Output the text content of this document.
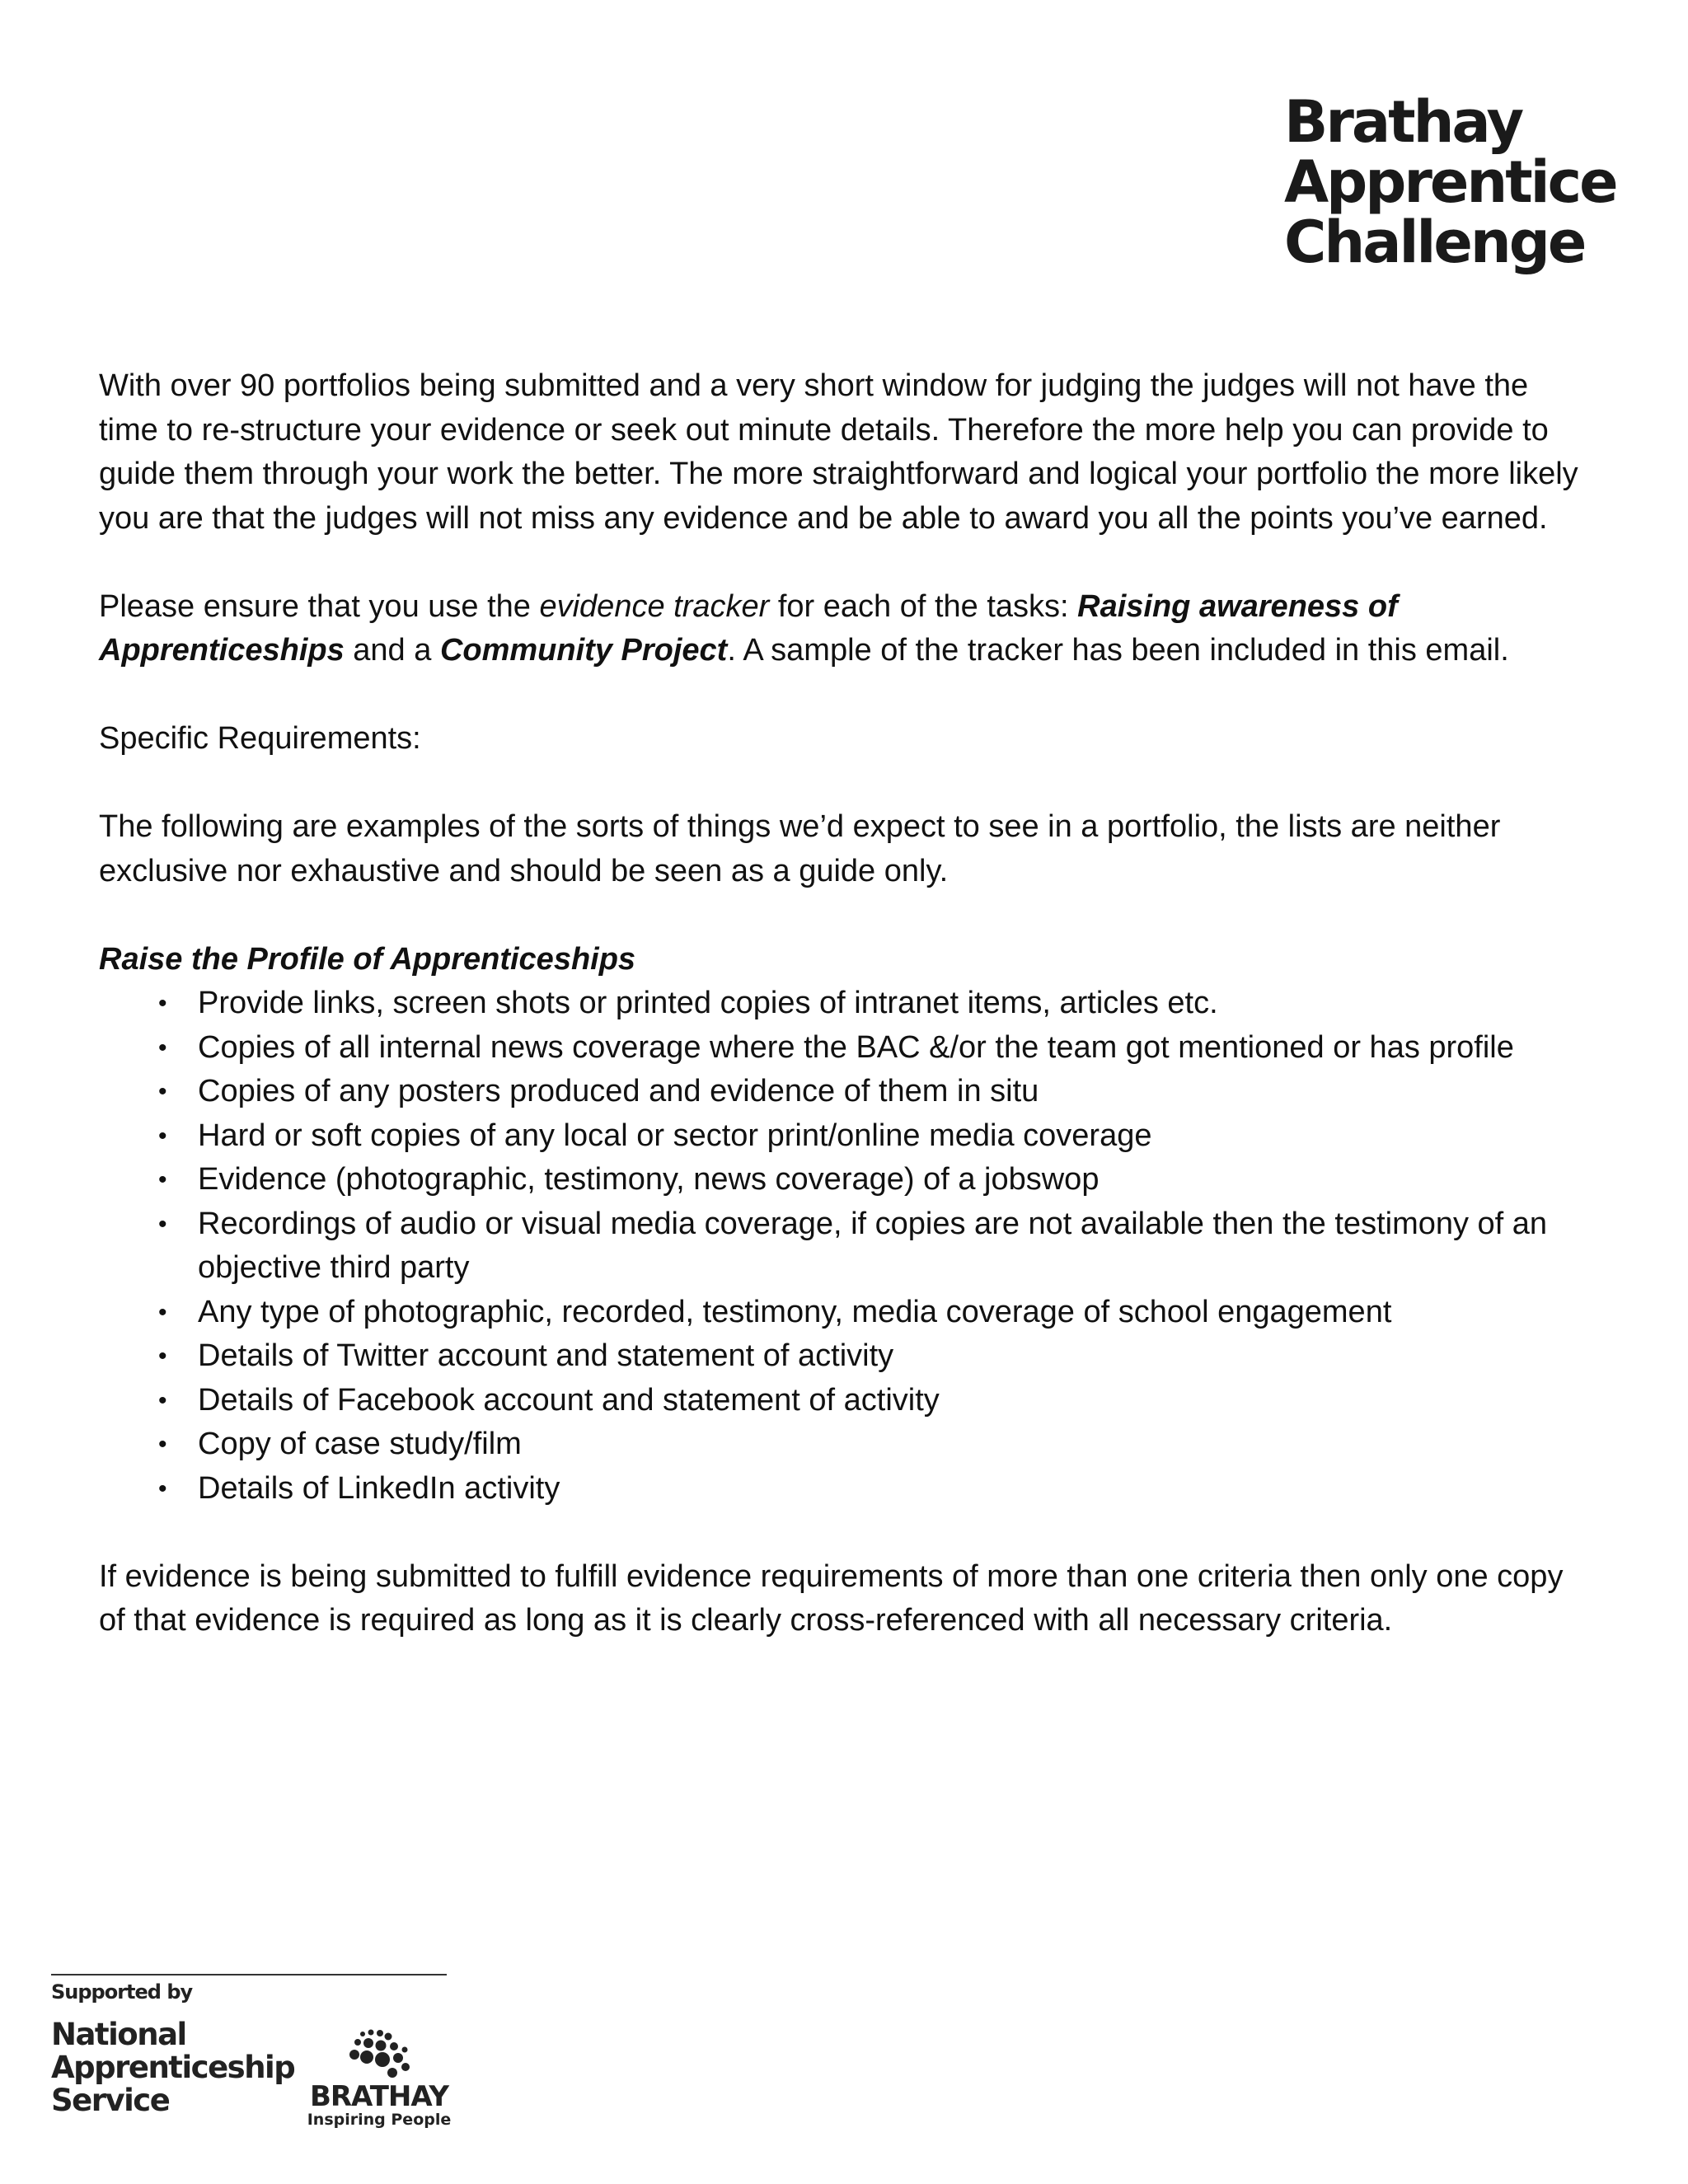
Brathay
Apprentice
Challenge

With over 90 portfolios being submitted and a very short window for judging the judges will not have the time to re-structure your evidence or seek out minute details. Therefore the more help you can provide to guide them through your work the better. The more straightforward and logical your portfolio the more likely you are that the judges will not miss any evidence and be able to award you all the points you’ve earned.

Please ensure that you use the evidence tracker for each of the tasks: Raising awareness of Apprenticeships and a Community Project. A sample of the tracker has been included in this email.

Specific Requirements:

The following are examples of the sorts of things we’d expect to see in a portfolio, the lists are neither exclusive nor exhaustive and should be seen as a guide only.

Raise the Profile of Apprenticeships

• Provide links, screen shots or printed copies of intranet items, articles etc.
• Copies of all internal news coverage where the BAC &/or the team got mentioned or has profile
• Copies of any posters produced and evidence of them in situ
• Hard or soft copies of any local or sector print/online media coverage
• Evidence (photographic, testimony, news coverage) of a jobswop
• Recordings of audio or visual media coverage, if copies are not available then the testimony of an objective third party
• Any type of photographic, recorded, testimony, media coverage of school engagement
• Details of Twitter account and statement of activity
• Details of Facebook account and statement of activity
• Copy of case study/film
• Details of LinkedIn activity

If evidence is being submitted to fulfill evidence requirements of more than one criteria then only one copy of that evidence is required as long as it is clearly cross-referenced with all necessary criteria.

Supported by
National
Apprenticeship
Service	BRATHAY
Inspiring People
